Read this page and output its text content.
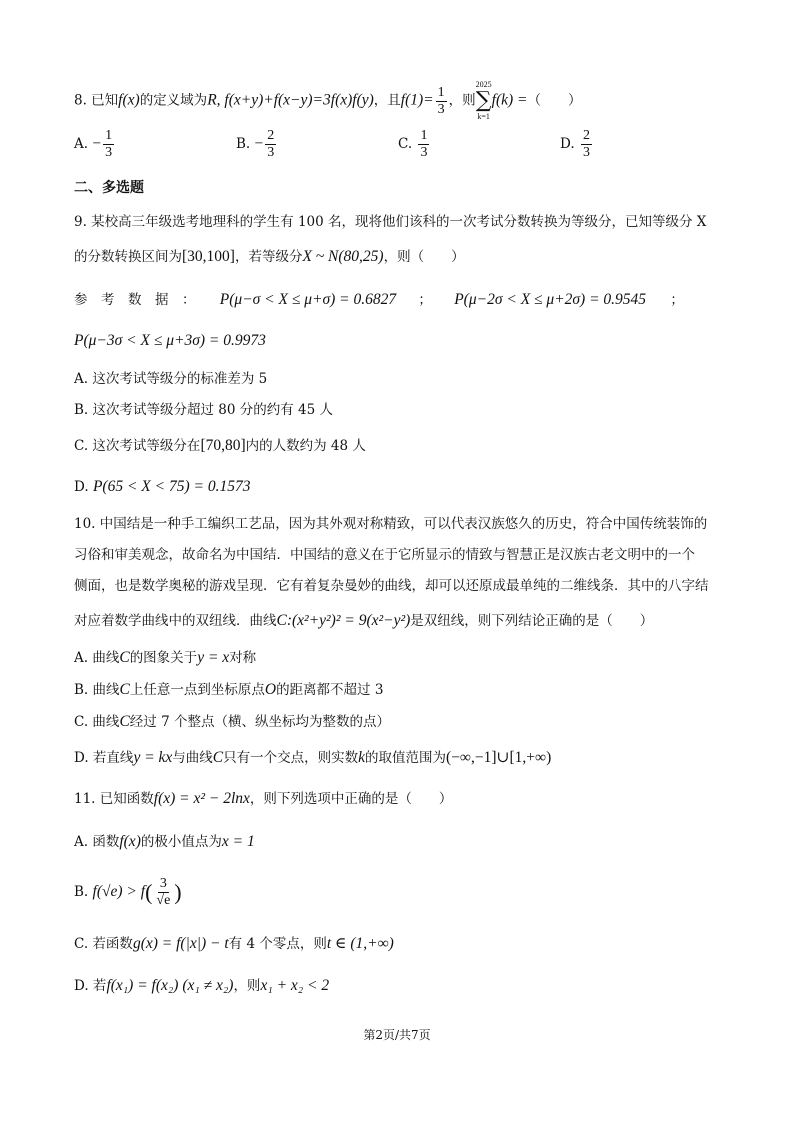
8. 已知f(x)的定义域为R, f(x+y)+f(x−y)=3f(x)f(y)，且$f(1)= \frac{1}{3}$ ，则
2025
∑
k=1
f(k) =（　　）
A. − $\frac{1}{3}$	B. − $\frac{2}{3}$	C. $\frac{1}{3}$	D. $\frac{2}{3}$
二、多选题
9. 某校高三年级选考地理科的学生有 100 名，现将他们该科的一次考试分数转换为等级分，已知等级分 X
的分数转换区间为[30,100]，若等级分X ~ N(80,25)，则（　　）
参　考　数　据　： P(μ−σ < X ≤ μ+σ) = 0.6827 ； P(μ−2σ < X ≤ μ+2σ) = 0.9545 ；
P(μ−3σ < X ≤ μ+3σ) = 0.9973
A. 这次考试等级分的标准差为 5
B. 这次考试等级分超过 80 分的约有 45 人
C. 这次考试等级分在[70,80]内的人数约为 48 人
D. P(65 < X < 75) = 0.1573
10. 中国结是一种手工编织工艺品，因为其外观对称精致，可以代表汉族悠久的历史，符合中国传统装饰的
习俗和审美观念，故命名为中国结．中国结的意义在于它所显示的情致与智慧正是汉族古老文明中的一个
侧面，也是数学奥秘的游戏呈现．它有着复杂曼妙的曲线，却可以还原成最单纯的二维线条．其中的八字结
对应着数学曲线中的双纽线．曲线C:(x²+y²)² = 9(x²−y²)是双纽线，则下列结论正确的是（　　）
A. 曲线C的图象关于y = x对称
B. 曲线C上任意一点到坐标原点O的距离都不超过 3
C. 曲线C经过 7 个整点（横、纵坐标均为整数的点）
D. 若直线y = kx与曲线C只有一个交点，则实数k的取值范围为(−∞,−1]∪[1,+∞)
11. 已知函数f(x) = x² − 2lnx，则下列选项中正确的是（　　）
A. 函数f(x)的极小值点为x = 1
B. $f(√e) > f( \frac{3}{√e}$ )
C. 若函数g(x) = f(|x|) − t有 4 个零点，则t ∈ (1,+∞)
D. 若f(x₁) = f(x₂) (x₁ ≠ x₂)，则x₁ + x₂ < 2
第2页/共7页
